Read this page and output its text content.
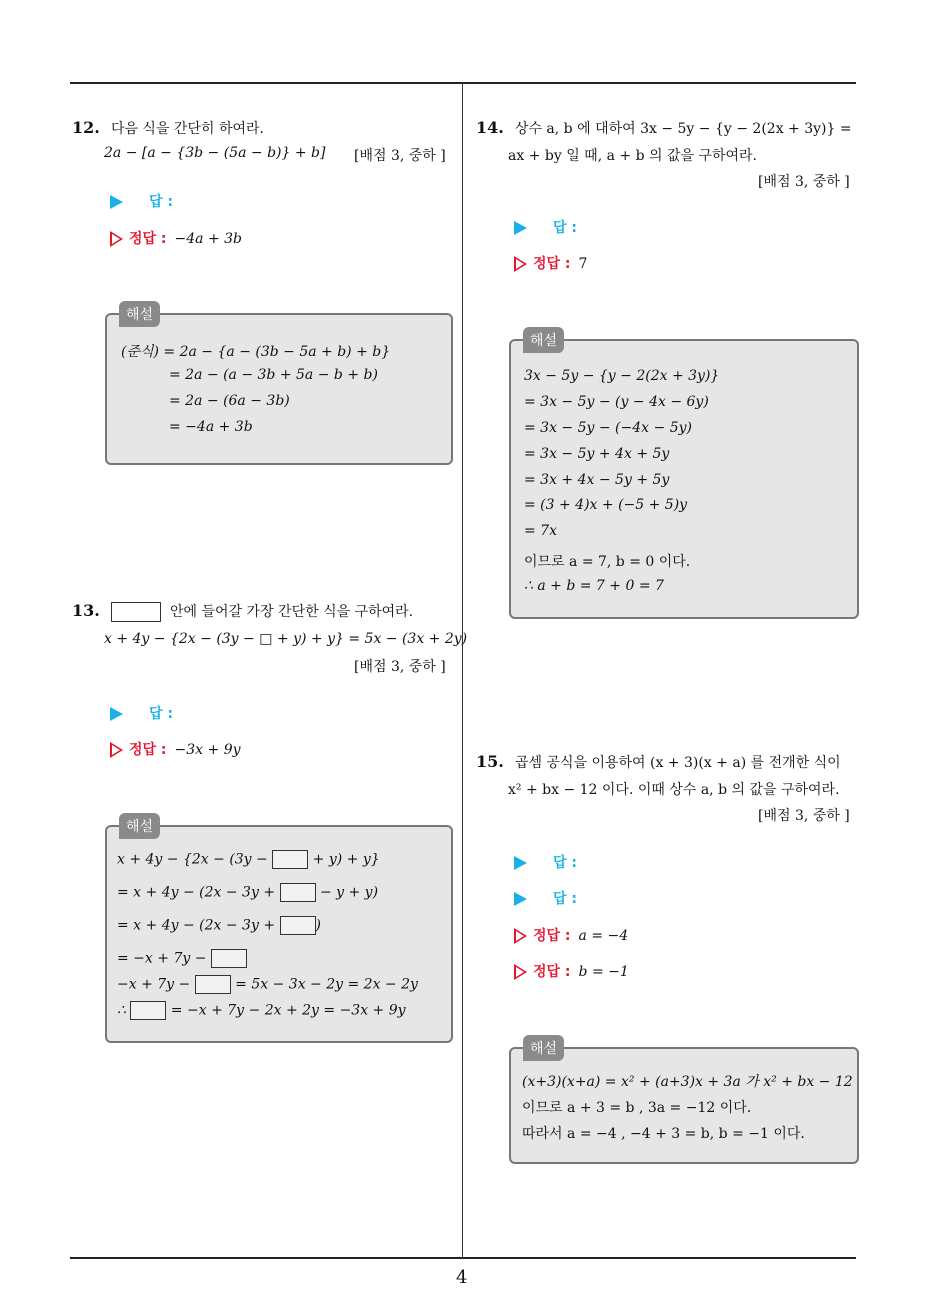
12. 다음 식을 간단히 하여라.
2a − [a − {3b − (5a − b)} + b] [배점 3, 중하 ]
답 :
정답 : −4a + 3b
해설
(준식) = 2a − {a − (3b − 5a + b) + b}
= 2a − (a − 3b + 5a − b + b)
= 2a − (6a − 3b)
= −4a + 3b
13.	안에 들어갈 가장 간단한 식을 구하여라.
x + 4y − {2x − (3y − □ + y) + y} = 5x − (3x + 2y)
[배점 3, 중하 ]
답 :
정답 : −3x + 9y
해설
x + 4y − {2x − (3y −	+ y) + y}
= x + 4y − (2x − 3y +	− y + y)
= x + 4y − (2x − 3y +	)
= −x + 7y −
−x + 7y −	= 5x − 3x − 2y = 2x − 2y
∴	= −x + 7y − 2x + 2y = −3x + 9y
14. 상수 a, b 에 대하여 3x − 5y − {y − 2(2x + 3y)} =
ax + by 일 때, a + b 의 값을 구하여라.
[배점 3, 중하 ]
답 :
정답 : 7
해설
3x − 5y − {y − 2(2x + 3y)}
= 3x − 5y − (y − 4x − 6y)
= 3x − 5y − (−4x − 5y)
= 3x − 5y + 4x + 5y
= 3x + 4x − 5y + 5y
= (3 + 4)x + (−5 + 5)y
= 7x
이므로 a = 7, b = 0 이다.
∴ a + b = 7 + 0 = 7
15. 곱셈 공식을 이용하여 (x + 3)(x + a) 를 전개한 식이
x² + bx − 12 이다. 이때 상수 a, b 의 값을 구하여라.
[배점 3, 중하 ]
답 :
답 :
정답 : a = −4
정답 : b = −1
해설
(x+3)(x+a) = x² + (a+3)x + 3a 가 x² + bx − 12
이므로 a + 3 = b , 3a = −12 이다.
따라서 a = −4 , −4 + 3 = b, b = −1 이다.
4
